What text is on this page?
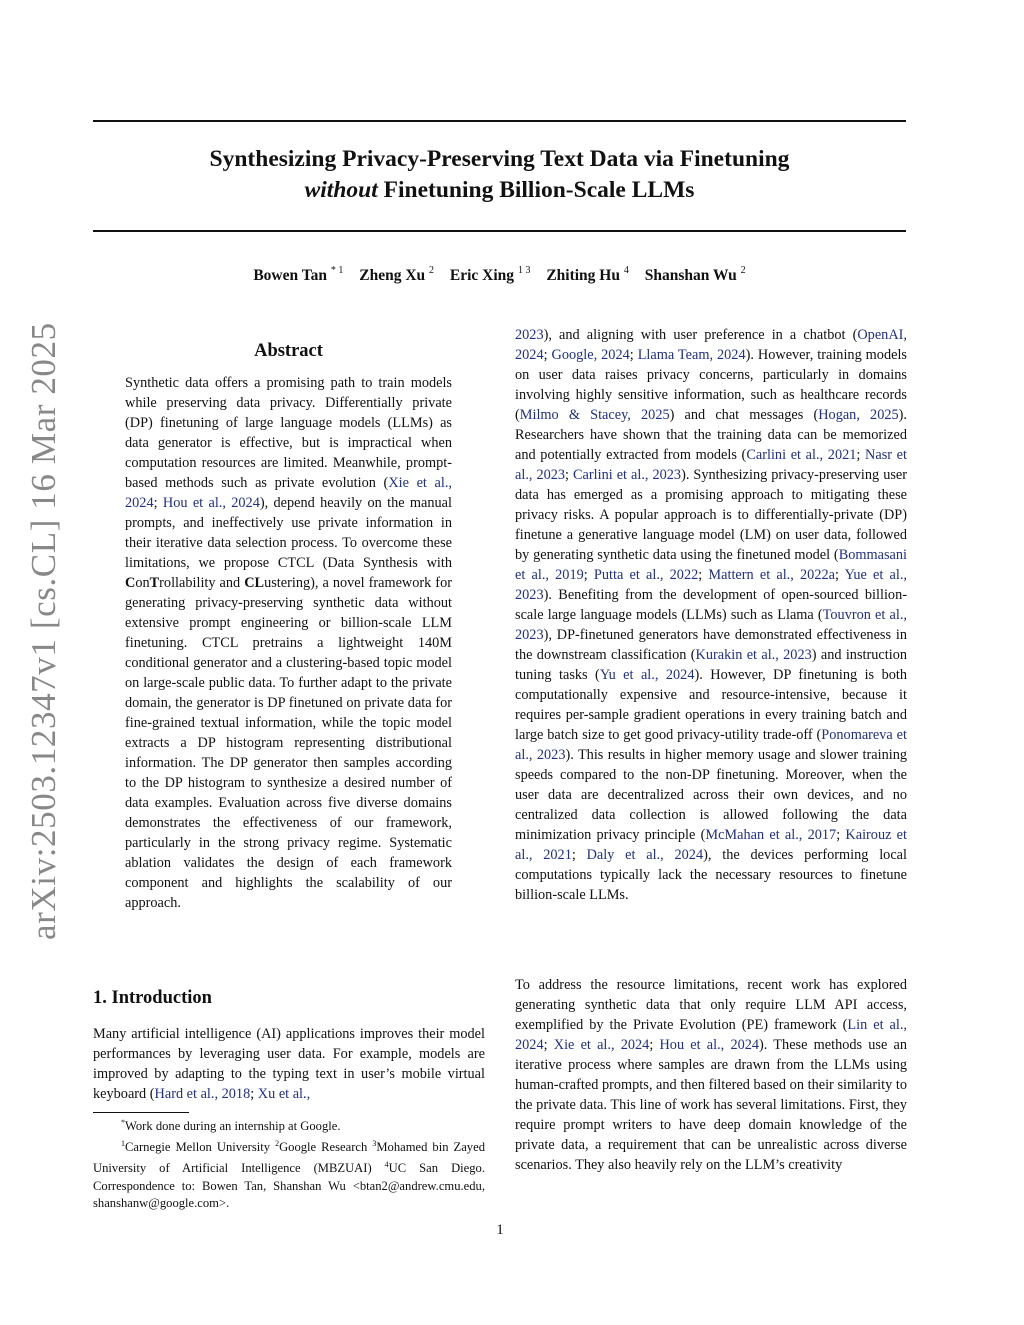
arXiv:2503.12347v1 [cs.CL] 16 Mar 2025
Synthesizing Privacy-Preserving Text Data via Finetuning
without Finetuning Billion-Scale LLMs
Bowen Tan $^{* 1}$ Zheng Xu $^2$ Eric Xing $^{1 3}$ Zhiting Hu $^4$ Shanshan Wu $^2$
Abstract
Synthetic data offers a promising path to train models while preserving data privacy. Differentially private (DP) finetuning of large language models (LLMs) as data generator is effective, but is impractical when computation resources are limited. Meanwhile, prompt-based methods such as private evolution (Xie et al., 2024; Hou et al., 2024), depend heavily on the manual prompts, and ineffectively use private information in their iterative data selection process. To overcome these limitations, we propose CTCL (Data Synthesis with ConTrollability and CLustering), a novel framework for generating privacy-preserving synthetic data without extensive prompt engineering or billion-scale LLM finetuning. CTCL pretrains a lightweight 140M conditional generator and a clustering-based topic model on large-scale public data. To further adapt to the private domain, the generator is DP finetuned on private data for fine-grained textual information, while the topic model extracts a DP histogram representing distributional information. The DP generator then samples according to the DP histogram to synthesize a desired number of data examples. Evaluation across five diverse domains demonstrates the effectiveness of our framework, particularly in the strong privacy regime. Systematic ablation validates the design of each framework component and highlights the scalability of our approach.
1. Introduction
Many artificial intelligence (AI) applications improves their model performances by leveraging user data. For example, models are improved by adapting to the typing text in user’s mobile virtual keyboard (Hard et al., 2018; Xu et al.,

*Work done during an internship at Google.

$^1$Carnegie Mellon University $^2$Google Research $^3$Mohamed bin Zayed University of Artificial Intelligence (MBZUAI) $^4$UC San Diego. Correspondence to: Bowen Tan, Shanshan Wu <btan2@andrew.cmu.edu, shanshanw@google.com>.

2023), and aligning with user preference in a chatbot (OpenAI, 2024; Google, 2024; Llama Team, 2024). However, training models on user data raises privacy concerns, particularly in domains involving highly sensitive information, such as healthcare records (Milmo & Stacey, 2025) and chat messages (Hogan, 2025). Researchers have shown that the training data can be memorized and potentially extracted from models (Carlini et al., 2021; Nasr et al., 2023; Carlini et al., 2023). Synthesizing privacy-preserving user data has emerged as a promising approach to mitigating these privacy risks. A popular approach is to differentially-private (DP) finetune a generative language model (LM) on user data, followed by generating synthetic data using the finetuned model (Bommasani et al., 2019; Putta et al., 2022; Mattern et al., 2022a; Yue et al., 2023). Benefiting from the development of open-sourced billion-scale large language models (LLMs) such as Llama (Touvron et al., 2023), DP-finetuned generators have demonstrated effectiveness in the downstream classification (Kurakin et al., 2023) and instruction tuning tasks (Yu et al., 2024). However, DP finetuning is both computationally expensive and resource-intensive, because it requires per-sample gradient operations in every training batch and large batch size to get good privacy-utility trade-off (Ponomareva et al., 2023). This results in higher memory usage and slower training speeds compared to the non-DP finetuning. Moreover, when the user data are decentralized across their own devices, and no centralized data collection is allowed following the data minimization privacy principle (McMahan et al., 2017; Kairouz et al., 2021; Daly et al., 2024), the devices performing local computations typically lack the necessary resources to finetune billion-scale LLMs.
To address the resource limitations, recent work has explored generating synthetic data that only require LLM API access, exemplified by the Private Evolution (PE) framework (Lin et al., 2024; Xie et al., 2024; Hou et al., 2024). These methods use an iterative process where samples are drawn from the LLMs using human-crafted prompts, and then filtered based on their similarity to the private data. This line of work has several limitations. First, they require prompt writers to have deep domain knowledge of the private data, a requirement that can be unrealistic across diverse scenarios. They also heavily rely on the LLM’s creativity
1
